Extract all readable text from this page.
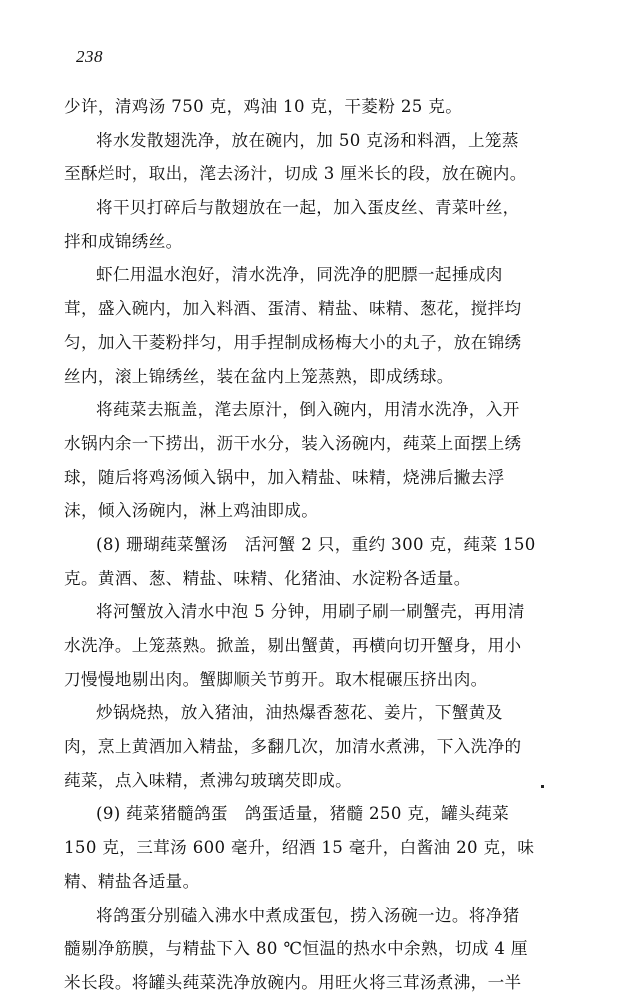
238
少许，清鸡汤 750 克，鸡油 10 克，干菱粉 25 克。
将水发散翅洗净，放在碗内，加 50 克汤和料酒，上笼蒸
至酥烂时，取出，滗去汤汁，切成 3 厘米长的段，放在碗内。
将干贝打碎后与散翅放在一起，加入蛋皮丝、青菜叶丝，
拌和成锦绣丝。
虾仁用温水泡好，清水洗净，同洗净的肥膘一起捶成肉
茸，盛入碗内，加入料酒、蛋清、精盐、味精、葱花，搅拌均
匀，加入干菱粉拌匀，用手捏制成杨梅大小的丸子，放在锦绣
丝内，滚上锦绣丝，装在盆内上笼蒸熟，即成绣球。
将莼菜去瓶盖，滗去原汁，倒入碗内，用清水洗净，入开
水锅内余一下捞出，沥干水分，装入汤碗内，莼菜上面摆上绣
球，随后将鸡汤倾入锅中，加入精盐、味精，烧沸后撇去浮
沫，倾入汤碗内，淋上鸡油即成。
(8) 珊瑚莼菜蟹汤　活河蟹 2 只，重约 300 克，莼菜 150
克。黄酒、葱、精盐、味精、化猪油、水淀粉各适量。
将河蟹放入清水中泡 5 分钟，用刷子刷一刷蟹壳，再用清
水洗净。上笼蒸熟。掀盖，剔出蟹黄，再横向切开蟹身，用小
刀慢慢地剔出肉。蟹脚顺关节剪开。取木棍碾压挤出肉。
炒锅烧热，放入猪油，油热爆香葱花、姜片，下蟹黄及
肉，烹上黄酒加入精盐，多翻几次，加清水煮沸，下入洗净的
莼菜，点入味精，煮沸勾玻璃芡即成。
(9) 莼菜猪髓鸽蛋　鸽蛋适量，猪髓 250 克，罐头莼菜
150 克，三茸汤 600 毫升，绍酒 15 毫升，白酱油 20 克，味
精、精盐各适量。
将鸽蛋分别磕入沸水中煮成蛋包，捞入汤碗一边。将净猪
髓剔净筋膜，与精盐下入 80 ℃恒温的热水中余熟，切成 4 厘
米长段。将罐头莼菜洗净放碗内。用旺火将三茸汤煮沸，一半
